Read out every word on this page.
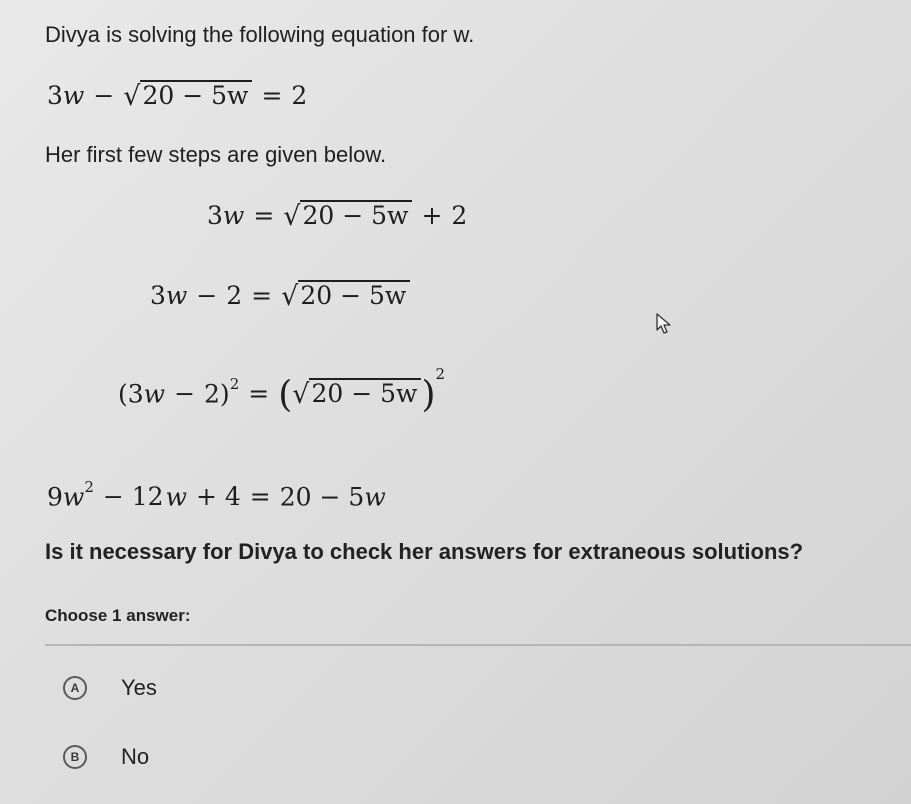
Divya is solving the following equation for w.
3w − √20 − 5w = 2
Her first few steps are given below.
3w = √20 − 5w + 2
3w − 2 = √20 − 5w
$(3w - 2)^2 = (√20 - 5w$ )$^2$
$9w^2 - 12w + 4 = 20 - 5w$
Is it necessary for Divya to check her answers for extraneous solutions?
Choose 1 answer:
A	Yes
B	No
